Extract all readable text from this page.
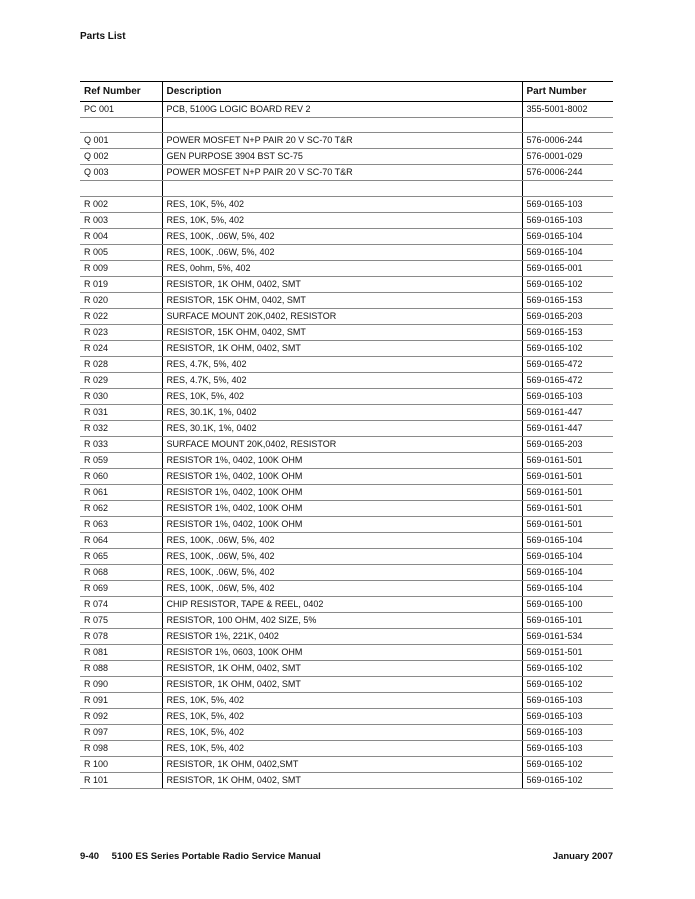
Parts List
Ref Number	Description	Part Number
PC 001	PCB, 5100G LOGIC BOARD REV 2	355-5001-8002

Q 001	POWER MOSFET N+P PAIR 20 V SC-70 T&R	576-0006-244
Q 002	GEN PURPOSE 3904 BST SC-75	576-0001-029
Q 003	POWER MOSFET N+P PAIR 20 V SC-70 T&R	576-0006-244

R 002	RES, 10K, 5%, 402	569-0165-103
R 003	RES, 10K, 5%, 402	569-0165-103
R 004	RES, 100K, .06W, 5%, 402	569-0165-104
R 005	RES, 100K, .06W, 5%, 402	569-0165-104
R 009	RES, 0ohm, 5%, 402	569-0165-001
R 019	RESISTOR, 1K OHM, 0402, SMT	569-0165-102
R 020	RESISTOR, 15K OHM, 0402, SMT	569-0165-153
R 022	SURFACE MOUNT 20K,0402, RESISTOR	569-0165-203
R 023	RESISTOR, 15K OHM, 0402, SMT	569-0165-153
R 024	RESISTOR, 1K OHM, 0402, SMT	569-0165-102
R 028	RES, 4.7K, 5%, 402	569-0165-472
R 029	RES, 4.7K, 5%, 402	569-0165-472
R 030	RES, 10K, 5%, 402	569-0165-103
R 031	RES, 30.1K, 1%, 0402	569-0161-447
R 032	RES, 30.1K, 1%, 0402	569-0161-447
R 033	SURFACE MOUNT 20K,0402, RESISTOR	569-0165-203
R 059	RESISTOR 1%, 0402, 100K OHM	569-0161-501
R 060	RESISTOR 1%, 0402, 100K OHM	569-0161-501
R 061	RESISTOR 1%, 0402, 100K OHM	569-0161-501
R 062	RESISTOR 1%, 0402, 100K OHM	569-0161-501
R 063	RESISTOR 1%, 0402, 100K OHM	569-0161-501
R 064	RES, 100K, .06W, 5%, 402	569-0165-104
R 065	RES, 100K, .06W, 5%, 402	569-0165-104
R 068	RES, 100K, .06W, 5%, 402	569-0165-104
R 069	RES, 100K, .06W, 5%, 402	569-0165-104
R 074	CHIP RESISTOR, TAPE & REEL, 0402	569-0165-100
R 075	RESISTOR, 100 OHM, 402 SIZE, 5%	569-0165-101
R 078	RESISTOR 1%, 221K, 0402	569-0161-534
R 081	RESISTOR 1%, 0603, 100K OHM	569-0151-501
R 088	RESISTOR, 1K OHM, 0402, SMT	569-0165-102
R 090	RESISTOR, 1K OHM, 0402, SMT	569-0165-102
R 091	RES, 10K, 5%, 402	569-0165-103
R 092	RES, 10K, 5%, 402	569-0165-103
R 097	RES, 10K, 5%, 402	569-0165-103
R 098	RES, 10K, 5%, 402	569-0165-103
R 100	RESISTOR, 1K OHM, 0402,SMT	569-0165-102
R 101	RESISTOR, 1K OHM, 0402, SMT	569-0165-102
9-40 5100 ES Series Portable Radio Service Manual	January 2007
